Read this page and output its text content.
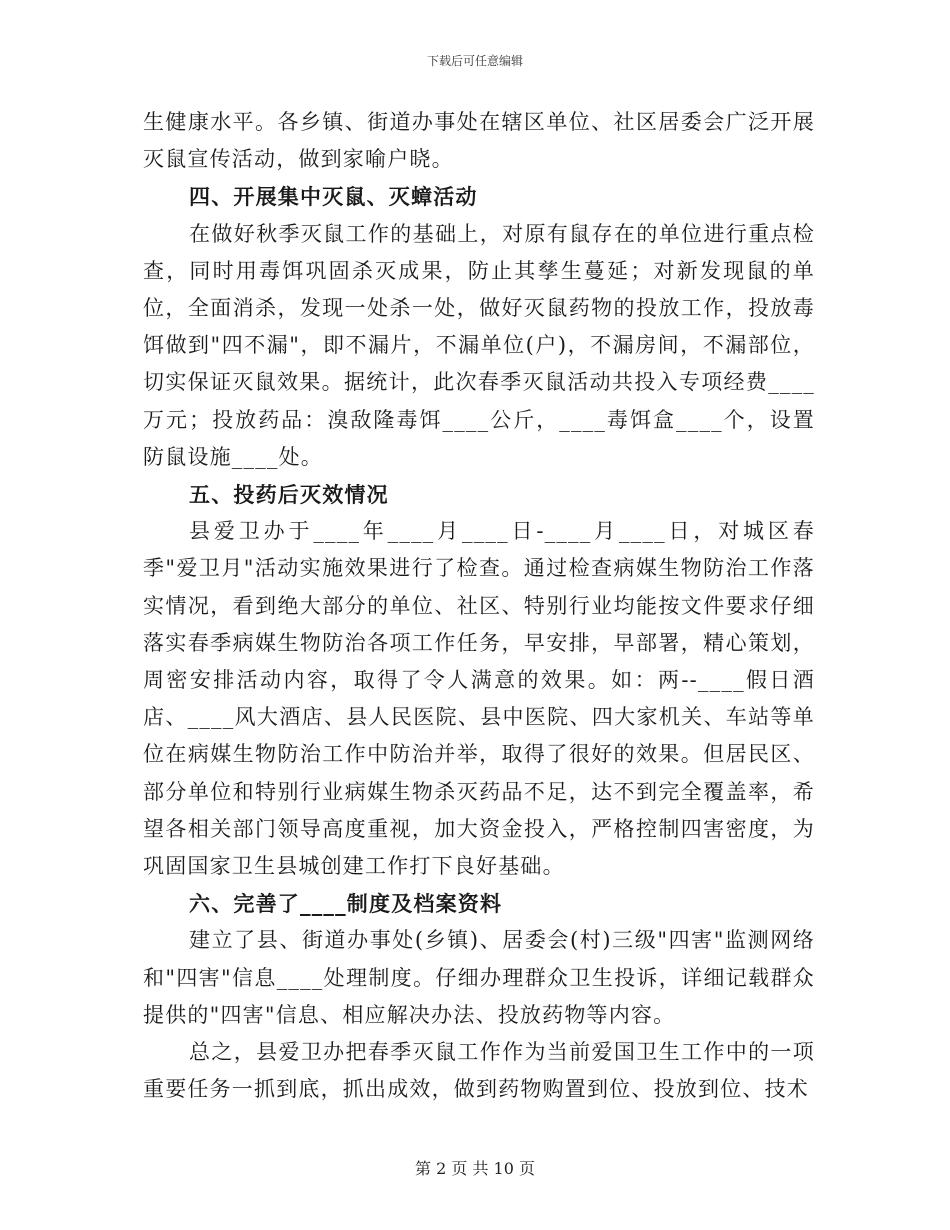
下载后可任意编辑

生健康水平。各乡镇、街道办事处在辖区单位、社区居委会广泛开展灭鼠宣传活动，做到家喻户晓。

四、开展集中灭鼠、灭蟑活动

在做好秋季灭鼠工作的基础上，对原有鼠存在的单位进行重点检查，同时用毒饵巩固杀灭成果，防止其孳生蔓延；对新发现鼠的单位，全面消杀，发现一处杀一处，做好灭鼠药物的投放工作，投放毒饵做到"四不漏"，即不漏片，不漏单位(户)，不漏房间，不漏部位，切实保证灭鼠效果。据统计，此次春季灭鼠活动共投入专项经费____万元；投放药品：溴敌隆毒饵____公斤，____毒饵盒____个，设置防鼠设施____处。

五、投药后灭效情况

县爱卫办于____年____月____日-____月____日，对城区春季"爱卫月"活动实施效果进行了检查。通过检查病媒生物防治工作落实情况，看到绝大部分的单位、社区、特别行业均能按文件要求仔细落实春季病媒生物防治各项工作任务，早安排，早部署，精心策划，周密安排活动内容，取得了令人满意的效果。如：两--____假日酒店、____风大酒店、县人民医院、县中医院、四大家机关、车站等单位在病媒生物防治工作中防治并举，取得了很好的效果。但居民区、部分单位和特别行业病媒生物杀灭药品不足，达不到完全覆盖率，希望各相关部门领导高度重视，加大资金投入，严格控制四害密度，为巩固国家卫生县城创建工作打下良好基础。

六、完善了____制度及档案资料

建立了县、街道办事处(乡镇)、居委会(村)三级"四害"监测网络和"四害"信息____处理制度。仔细办理群众卫生投诉，详细记载群众提供的"四害"信息、相应解决办法、投放药物等内容。

总之，县爱卫办把春季灭鼠工作作为当前爱国卫生工作中的一项重要任务一抓到底，抓出成效，做到药物购置到位、投放到位、技术

第 2 页 共 10 页
